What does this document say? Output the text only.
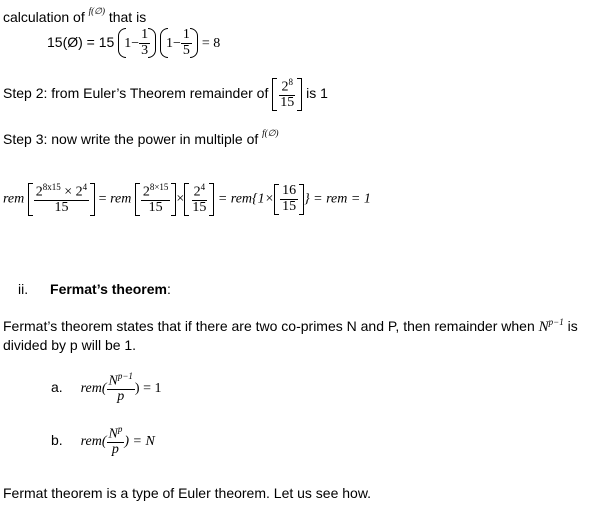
calculation of $^{f(\emptyset)}$ that is
15(Ø) = 15 $1- \frac{1}{3} 1- \frac{1}{5} = 8$
Step 2: from Euler’s Theorem remainder of $\frac{2^8}{15}$ is 1
Step 3: now write the power in multiple of $^{f(\emptyset)}$
rem $\frac{2^{8x15} \times 2^4}{15}$ = rem $\frac{2^{8\times 15}}{15} \times \frac{2^4}{15} = rem\{1\times \frac{16}{15}$ } = rem = 1
ii. Fermat’s theorem:
Fermat’s theorem states that if there are two co-primes N and P, then remainder when $N^{p-1}$ is
divided by p will be 1.
a. $rem( \frac{N^{p-1}}{p}$ ) = 1
b. $rem( \frac{N^p}{p}$ ) = N
Fermat theorem is a type of Euler theorem. Let us see how.
